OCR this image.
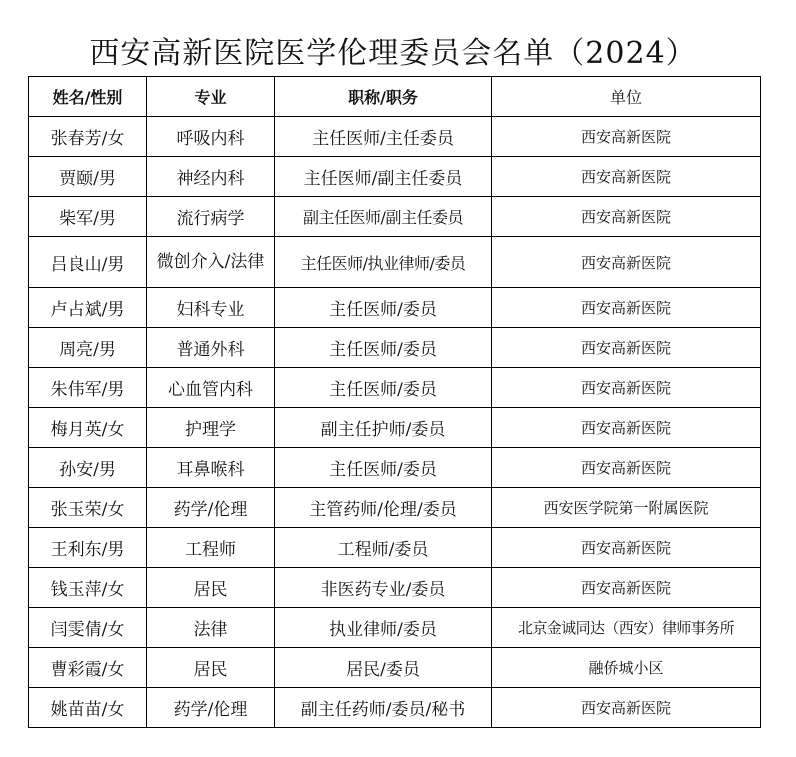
西安高新医院医学伦理委员会名单（2024）
姓名/性别	专业	职称/职务	单位
张春芳/女	呼吸内科	主任医师/主任委员	西安高新医院
贾颐/男	神经内科	主任医师/副主任委员	西安高新医院
柴军/男	流行病学	副主任医师/副主任委员	西安高新医院
吕良山/男	微创介入/法律	主任医师/执业律师/委员	西安高新医院
卢占斌/男	妇科专业	主任医师/委员	西安高新医院
周亮/男	普通外科	主任医师/委员	西安高新医院
朱伟军/男	心血管内科	主任医师/委员	西安高新医院
梅月英/女	护理学	副主任护师/委员	西安高新医院
孙安/男	耳鼻喉科	主任医师/委员	西安高新医院
张玉荣/女	药学/伦理	主管药师/伦理/委员	西安医学院第一附属医院
王利东/男	工程师	工程师/委员	西安高新医院
钱玉萍/女	居民	非医药专业/委员	西安高新医院
闫雯倩/女	法律	执业律师/委员	北京金诚同达（西安）律师事务所
曹彩霞/女	居民	居民/委员	融侨城小区
姚苗苗/女	药学/伦理	副主任药师/委员/秘书	西安高新医院
